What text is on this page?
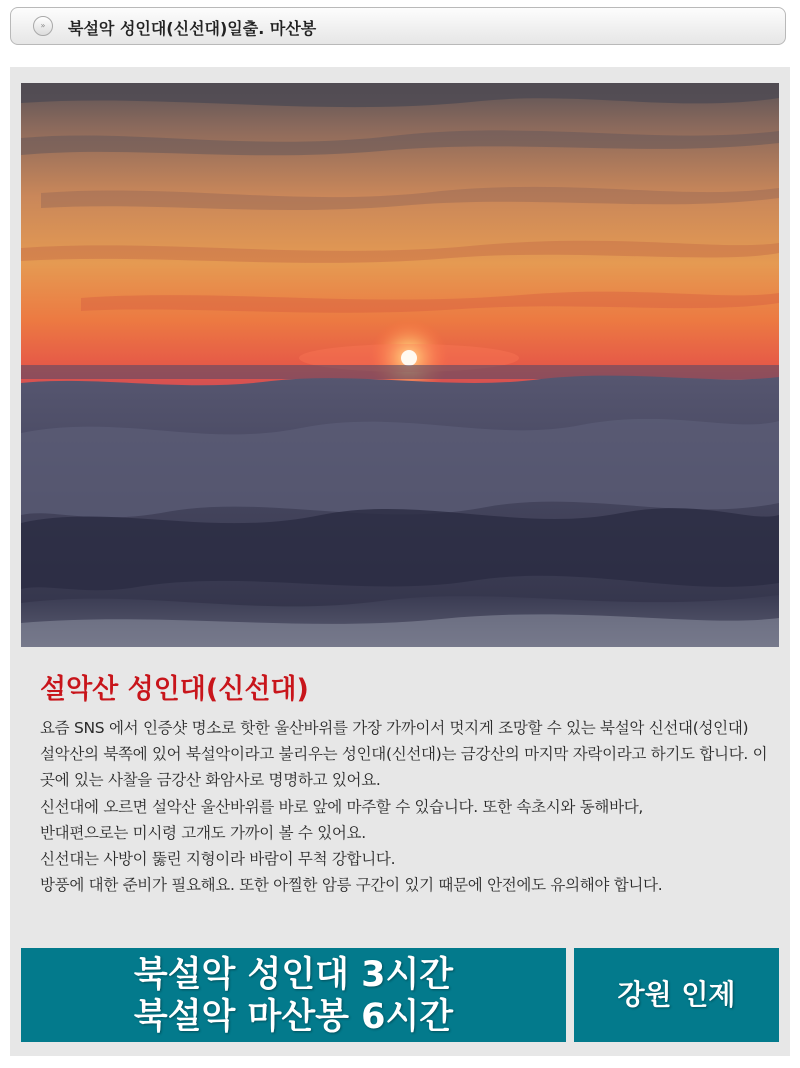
»	북설악 성인대(신선대)일출. 마산봉
설악산 성인대(신선대)

요즘 SNS 에서 인증샷 명소로 핫한 울산바위를 가장 가까이서 멋지게 조망할 수 있는 북설악 신선대(성인대)

설악산의 북쪽에 있어 북설악이라고 불리우는 성인대(신선대)는 금강산의 마지막 자락이라고 하기도 합니다. 이곳에 있는 사찰을 금강산 화암사로 명명하고 있어요.

신선대에 오르면 설악산 울산바위를 바로 앞에 마주할 수 있습니다. 또한 속초시와 동해바다,

반대편으로는 미시령 고개도 가까이 볼 수 있어요.

신선대는 사방이 뚫린 지형이라 바람이 무척 강합니다.

방풍에 대한 준비가 필요해요. 또한 아찔한 암릉 구간이 있기 때문에 안전에도 유의해야 합니다.

북설악 성인대 3시간
북설악 마산봉 6시간
강원 인제
